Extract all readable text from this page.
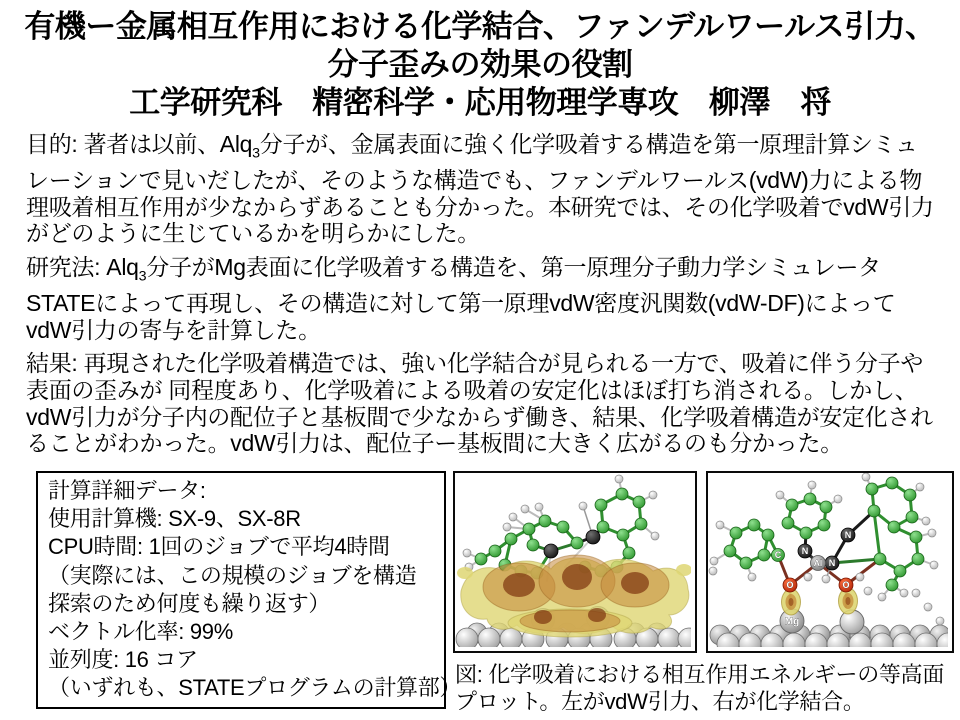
有機ー金属相互作用における化学結合、ファンデルワールス引力、
分子歪みの効果の役割
工学研究科　精密科学・応用物理学専攻　柳澤　将

目的: 著者は以前、Alq$_3$分子が、金属表面に強く化学吸着する構造を第一原理計算シミュレーションで見いだしたが、そのような構造でも、ファンデルワールス(vdW)力による物理吸着相互作用が少なからずあることも分かった。本研究では、その化学吸着でvdW引力がどのように生じているかを明らかにした。

研究法: Alq$_3$分子がMg表面に化学吸着する構造を、第一原理分子動力学シミュレータSTATEによって再現し、その構造に対して第一原理vdW密度汎関数(vdW-DF)によってvdW引力の寄与を計算した。

結果: 再現された化学吸着構造では、強い化学結合が見られる一方で、吸着に伴う分子や表面の歪みが 同程度あり、化学吸着による吸着の安定化はほぼ打ち消される。しかし、vdW引力が分子内の配位子と基板間で少なからず働き、結果、化学吸着構造が安定化されることがわかった。vdW引力は、配位子ー基板間に大きく広がるのも分かった。

計算詳細データ:
使用計算機: SX-9、SX-8R
CPU時間: 1回のジョブで平均4時間
（実際には、この規模のジョブを構造
探索のため何度も繰り返す）
ベクトル化率: 99%
並列度: 16 コア
（いずれも、STATEプログラムの計算部）
C
N
N
N
Al
O	O
Mg
図: 化学吸着における相互作用エネルギーの等高面プロット。左がvdW引力、右が化学結合。
